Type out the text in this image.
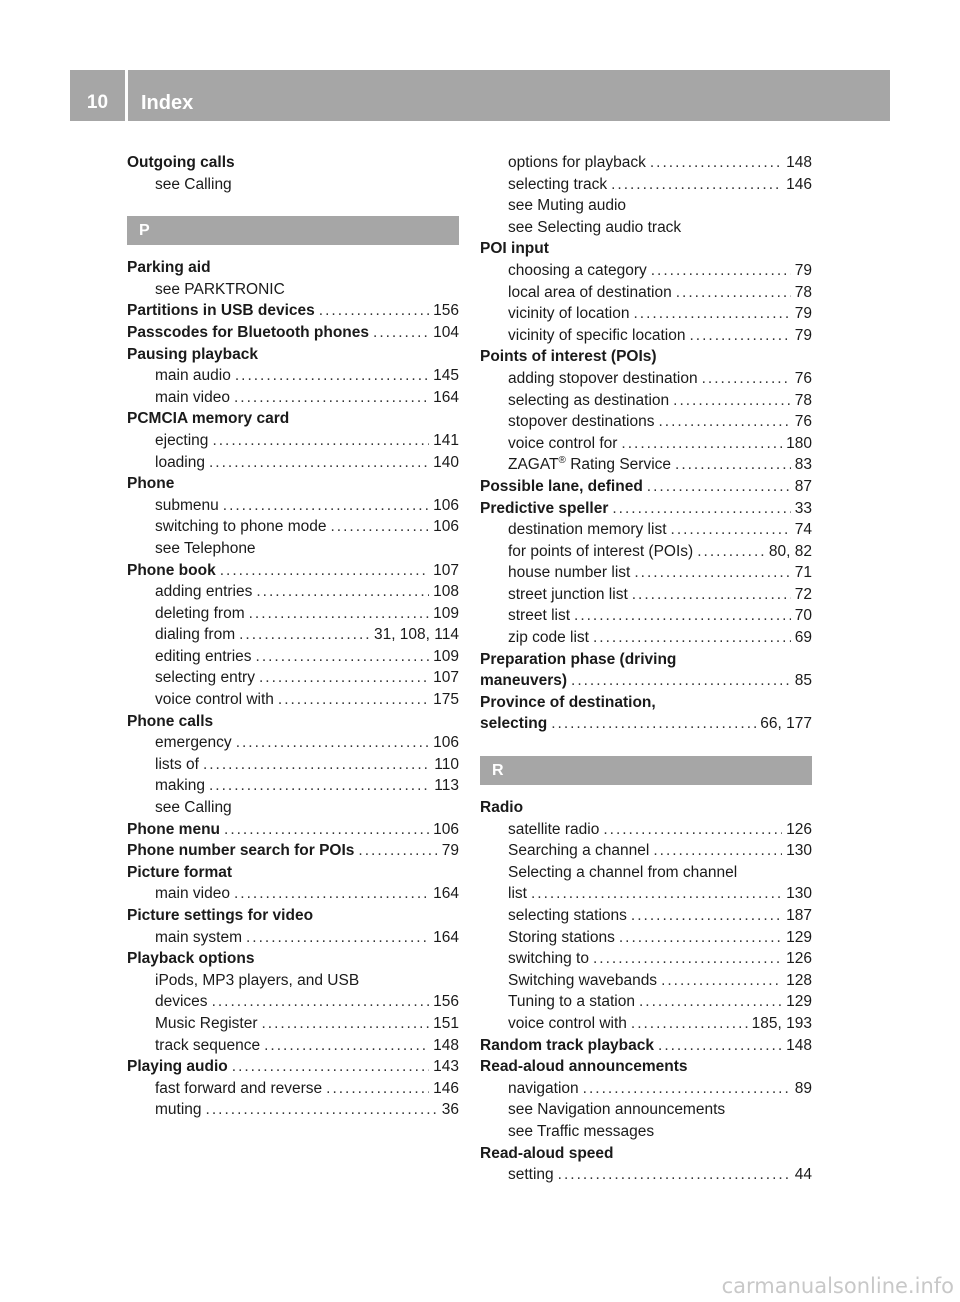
10	Index
Outgoing calls
see Calling
P
Parking aid
see PARKTRONIC
Partitions in USB devices .....	156
Passcodes for Bluetooth phones .....	104
Pausing playback
main audio .....	145
main video .....	164
PCMCIA memory card
ejecting .....	141
loading .....	140
Phone
submenu .....	106
switching to phone mode .....	106
see Telephone
Phone book .....	107
adding entries .....	108
deleting from .....	109
dialing from .....	31, 108, 114
editing entries .....	109
selecting entry .....	107
voice control with .....	175
Phone calls
emergency .....	106
lists of .....	110
making .....	113
see Calling
Phone menu .....	106
Phone number search for POIs .....	79
Picture format
main video .....	164
Picture settings for video
main system .....	164
Playback options
iPods, MP3 players, and USB
devices .....	156
Music Register .....	151
track sequence .....	148
Playing audio .....	143
fast forward and reverse .....	146
muting .....	36
options for playback .....	148
selecting track .....	146
see Muting audio
see Selecting audio track
POI input
choosing a category .....	79
local area of destination .....	78
vicinity of location .....	79
vicinity of specific location .....	79
Points of interest (POIs)
adding stopover destination .....	76
selecting as destination .....	78
stopover destinations .....	76
voice control for .....	180
ZAGAT® Rating Service .....	83
Possible lane, defined .....	87
Predictive speller .....	33
destination memory list .....	74
for points of interest (POIs) .....	80, 82
house number list .....	71
street junction list .....	72
street list .....	70
zip code list .....	69
Preparation phase (driving
maneuvers) .....	85
Province of destination,
selecting .....	66, 177
R
Radio
satellite radio .....	126
Searching a channel .....	130
Selecting a channel from channel
list .....	130
selecting stations .....	187
Storing stations .....	129
switching to .....	126
Switching wavebands .....	128
Tuning to a station .....	129
voice control with .....	185, 193
Random track playback .....	148
Read-aloud announcements
navigation .....	89
see Navigation announcements
see Traffic messages
Read-aloud speed
setting .....	44
carmanualsonline.info
